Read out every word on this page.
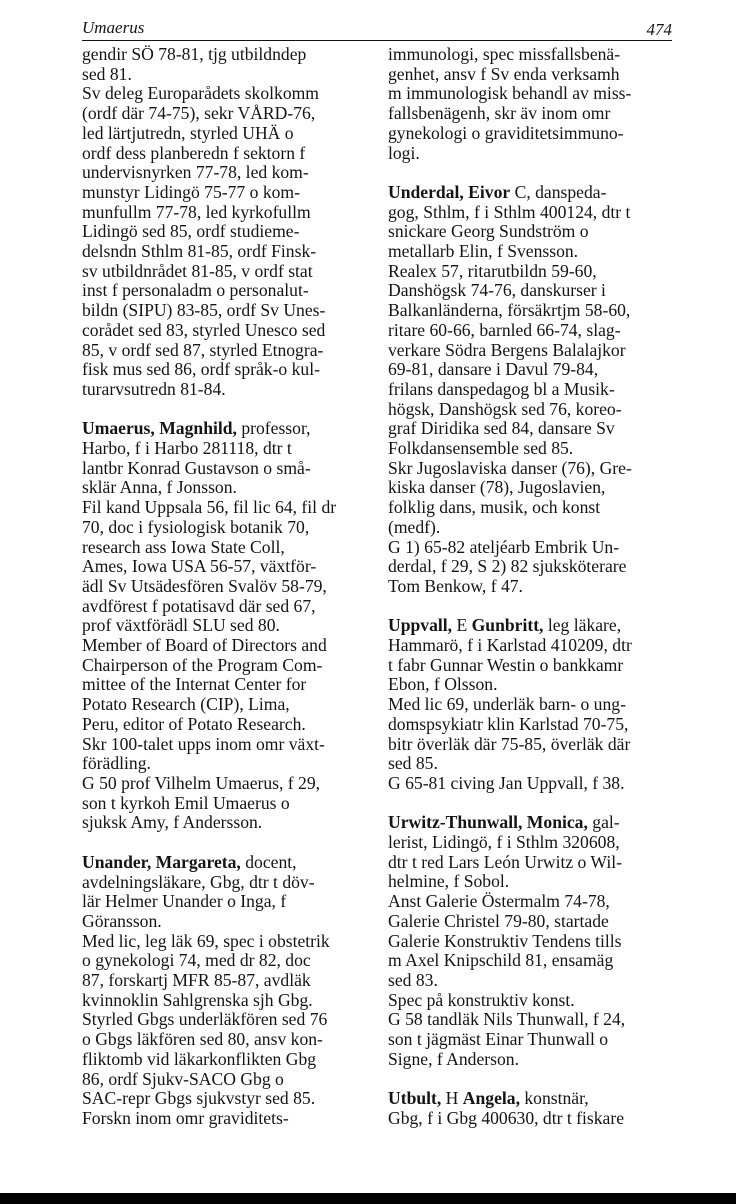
Umaerus	474
gendir SÖ 78-81, tjg utbildndep
sed 81.
Sv deleg Europarådets skolkomm
(ordf där 74-75), sekr VÅRD-76,
led lärtjutredn, styrled UHÄ o
ordf dess planberedn f sektorn f
undervisnyrken 77-78, led kom-
munstyr Lidingö 75-77 o kom-
munfullm 77-78, led kyrkofullm
Lidingö sed 85, ordf studieme-
delsndn Sthlm 81-85, ordf Finsk-
sv utbildnrådet 81-85, v ordf stat
inst f personaladm o personalut-
bildn (SIPU) 83-85, ordf Sv Unes-
corådet sed 83, styrled Unesco sed
85, v ordf sed 87, styrled Etnogra-
fisk mus sed 86, ordf språk-o kul-
turarvsutredn 81-84.
Umaerus, Magnhild, professor,
Harbo, f i Harbo 281118, dtr t
lantbr Konrad Gustavson o små-
sklär Anna, f Jonsson.
Fil kand Uppsala 56, fil lic 64, fil dr
70, doc i fysiologisk botanik 70,
research ass Iowa State Coll,
Ames, Iowa USA 56-57, växtför-
ädl Sv Utsädesfören Svalöv 58-79,
avdförest f potatisavd där sed 67,
prof växtförädl SLU sed 80.
Member of Board of Directors and
Chairperson of the Program Com-
mittee of the Internat Center for
Potato Research (CIP), Lima,
Peru, editor of Potato Research.
Skr 100-talet upps inom omr växt-
förädling.
G 50 prof Vilhelm Umaerus, f 29,
son t kyrkoh Emil Umaerus o
sjuksk Amy, f Andersson.
Unander, Margareta, docent,
avdelningsläkare, Gbg, dtr t döv-
lär Helmer Unander o Inga, f
Göransson.
Med lic, leg läk 69, spec i obstetrik
o gynekologi 74, med dr 82, doc
87, forskartj MFR 85-87, avdläk
kvinnoklin Sahlgrenska sjh Gbg.
Styrled Gbgs underläkfören sed 76
o Gbgs läkfören sed 80, ansv kon-
fliktomb vid läkarkonflikten Gbg
86, ordf Sjukv-SACO Gbg o
SAC-repr Gbgs sjukvstyr sed 85.
Forskn inom omr graviditets-
immunologi, spec missfallsbenä-
genhet, ansv f Sv enda verksamh
m immunologisk behandl av miss-
fallsbenägenh, skr äv inom omr
gynekologi o graviditetsimmuno-
logi.
Underdal, Eivor C, danspeda-
gog, Sthlm, f i Sthlm 400124, dtr t
snickare Georg Sundström o
metallarb Elin, f Svensson.
Realex 57, ritarutbildn 59-60,
Danshögsk 74-76, danskurser i
Balkanländerna, försäkrtjm 58-60,
ritare 60-66, barnled 66-74, slag-
verkare Södra Bergens Balalajkor
69-81, dansare i Davul 79-84,
frilans danspedagog bl a Musik-
högsk, Danshögsk sed 76, koreo-
graf Diridika sed 84, dansare Sv
Folkdansensemble sed 85.
Skr Jugoslaviska danser (76), Gre-
kiska danser (78), Jugoslavien,
folklig dans, musik, och konst
(medf).
G 1) 65-82 ateljéarb Embrik Un-
derdal, f 29, S 2) 82 sjuksköterare
Tom Benkow, f 47.
Uppvall, E Gunbritt, leg läkare,
Hammarö, f i Karlstad 410209, dtr
t fabr Gunnar Westin o bankkamr
Ebon, f Olsson.
Med lic 69, underläk barn- o ung-
domspsykiatr klin Karlstad 70-75,
bitr överläk där 75-85, överläk där
sed 85.
G 65-81 civing Jan Uppvall, f 38.
Urwitz-Thunwall, Monica, gal-
lerist, Lidingö, f i Sthlm 320608,
dtr t red Lars León Urwitz o Wil-
helmine, f Sobol.
Anst Galerie Östermalm 74-78,
Galerie Christel 79-80, startade
Galerie Konstruktiv Tendens tills
m Axel Knipschild 81, ensamäg
sed 83.
Spec på konstruktiv konst.
G 58 tandläk Nils Thunwall, f 24,
son t jägmäst Einar Thunwall o
Signe, f Anderson.
Utbult, H Angela, konstnär,
Gbg, f i Gbg 400630, dtr t fiskare
